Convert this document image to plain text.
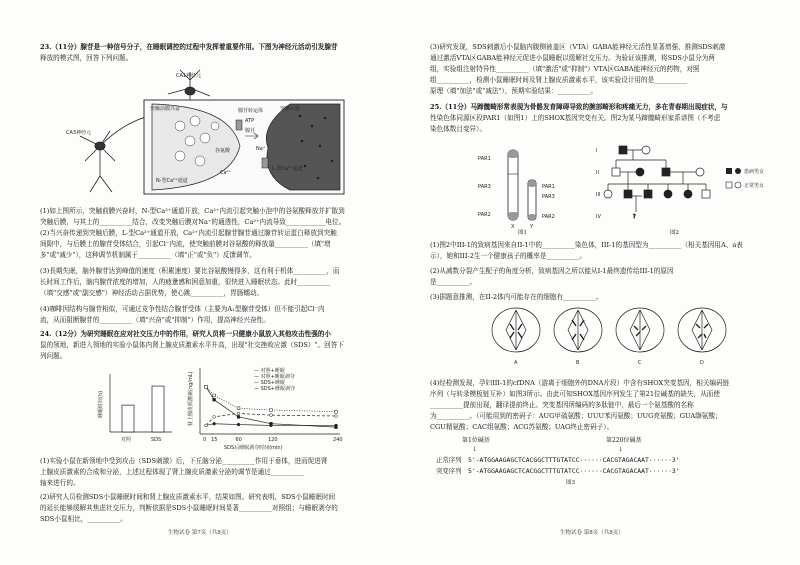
23.（11分）腺苷是一种信号分子，在睡眠调控的过程中发挥着重要作用。下图为神经元活动引发腺苷
释放的模式图，回答下列问题。
CA1神经元
CA3神经元
突触前膜兴奋	腺苷转运体
ATP
突触后膜
N-型Ca²⁺通道
L-型Ca²⁺通道
Na⁺
Ca²⁺
谷氨酸
腺苷
(1)如上图所示，突触前膜兴奋时，N-型Ca²⁺通道开放，Ca²⁺内流引起突触小泡中的谷氨酸释放并扩散到
突触后膜，与其上的__________结合，改变突触后膜对Na⁺的通透性，Ca²⁺内流导致____________电位。
(2)当兴奋传递到突触后膜，L-型Ca²⁺通道开放，Ca²⁺内流引起腺苷腺苷通过腺苷转运蛋白释放到突触
间隙中，与后膜上的腺苷受体结合，引起Cl⁻内流，使突触前膜对谷氨酸的释放量__________（填"增
多"或"减少"），这种调节机制属于__________（填"正"或"负"）反馈调节。
(3)長期失眠，脑外腺苷达到峰值的速度（积累速度）要比谷氨酸慢得多，这有利于机体__________，而
长时间工作后，脑内腺苷浓度的增加，人的疲惫感和困意加重，很快进入睡眠状态。此时__________
（填"交感"或"副交感"）神经活动占据优势，使心跳__________，胃肠蠕动。
(4)咖啡因结构与腺苷相似，可通过竞争性结合腺苷受体（主要为A₁型腺苷受体）但不能引起Cl⁻内
流，从而阻断腺苷的__________（填"兴奋"或"抑制"）作用，提高神经兴奋性。
24.（12分）为研究睡眠在应对社交压力中的作用，研究人员将一只健康小鼠放入其他攻击性强的小
鼠的领地，新进入领地的实验小鼠体内肾上腺皮质激素水平升高，出现"社交挫败应激（SDS）"。回答下
列问题。
睡眠时间(h)
对照	SDS
肾上腺皮质激素(ng/mL)
SDS后睡眠剥夺时间(min)
0 15	60	120	240
— 对照+睡眠
— 对照+睡眠剥夺
— SDS+睡眠
— SDS+睡眠剥夺
(1)实验小鼠在新领地中受到攻击（SDS刺激）后，下丘脑分泌__________作用于垂体，进而促进肾
上腺皮质激素的合成和分泌，上述过程体现了肾上腺皮质激素分泌的调节是通过__________
轴来进行的。
(2)研究人员检测SDS小鼠睡眠时间和肾上腺皮质激素水平，结果如图。研究表明，SDS小鼠睡眠时间
的延长能够缓解其焦虑社交压力，判断依据是SDS小鼠睡眠时间显著__________对照组；与睡眠剥夺的
SDS小鼠相比，__________。
生物试卷 第7页（共8页）
(3)研究发现，SDS刺激后小鼠脑内腹侧被盖区（VTA）GABA能神经元活性显著增强，推测SDS刺激
通过激活VTA区GABA能神经元促进小鼠睡眠以缓解社交压力。为验证该推测，将SDS小鼠分为两
组，实验组注射特异性__________（填"激活"或"抑制"）VTA区GABA能神经元的药物，对照
组__________，检测小鼠睡眠时间及肾上腺皮质激素水平，该实验设计用的是__________
原理（填"加法"或"减法"），预期实验结果：__________。
25.（11分）马蹄髋畸形常表现为骨骼发育障碍导致的腕部畸形和疼痛无力，多在青春期出现症状，与
性染色体同源区段PAR1（如图1）上的SHOX基因突变有关。图2为某马蹄髋畸形家系谱图（不考虑
染色体数目变异）。
PAR1
PAR3
PAR2
PAR1
PAR3
PAR2
X	Y
图1
?
I
II
III
IV
患病男女
正常男女
图2
(1)图2中III-1的致病基因来自II-1中的__________染色体，III-1的基因型为__________（相关基因用A、a表
示），她和III-2生一个健康孩子的概率是__________。
(2)从减数分裂产生配子的角度分析，致病基因之所以能从I-1最终遗传给III-1的原因
是__________。
(3)据题意推测，在II-2体内可能存在的细胞有__________。
A	B	C	D
(4)经检测发现，孕妇III-1的cfDNA（游离于细胞外的DNA片段）中含有SHOX突变基因，相关编码链
序列（与转录模板链互补）如图3所示。由此可知SHOX基因序列发生了第21位碱基的缺失，从而使
__________提前出现，翻译提前终止。突变基因所编码的多肽链中，最后一个氨基酸的名称
为__________。（可能用到的密码子：AUG甲硫氨酸；UUU苯丙氨酸；UUG亮氨酸；GUA缬氨酸；
CGU精氨酸；CAC组氨酸；ACG苏氨酸；UAG终止密码子）。
第1位碱基	第220位碱基
↓	↓
正常序列 5'-ATGGAAGAGCTCACGGCTTTGTATCC······CACGTAGACAAT······3'
突变序列 5'-ATGGAAGAGCTCACGGCTTTGTATCC······CACGTAGACAAT······3'
图3
生物试卷 第8页（共8页）
